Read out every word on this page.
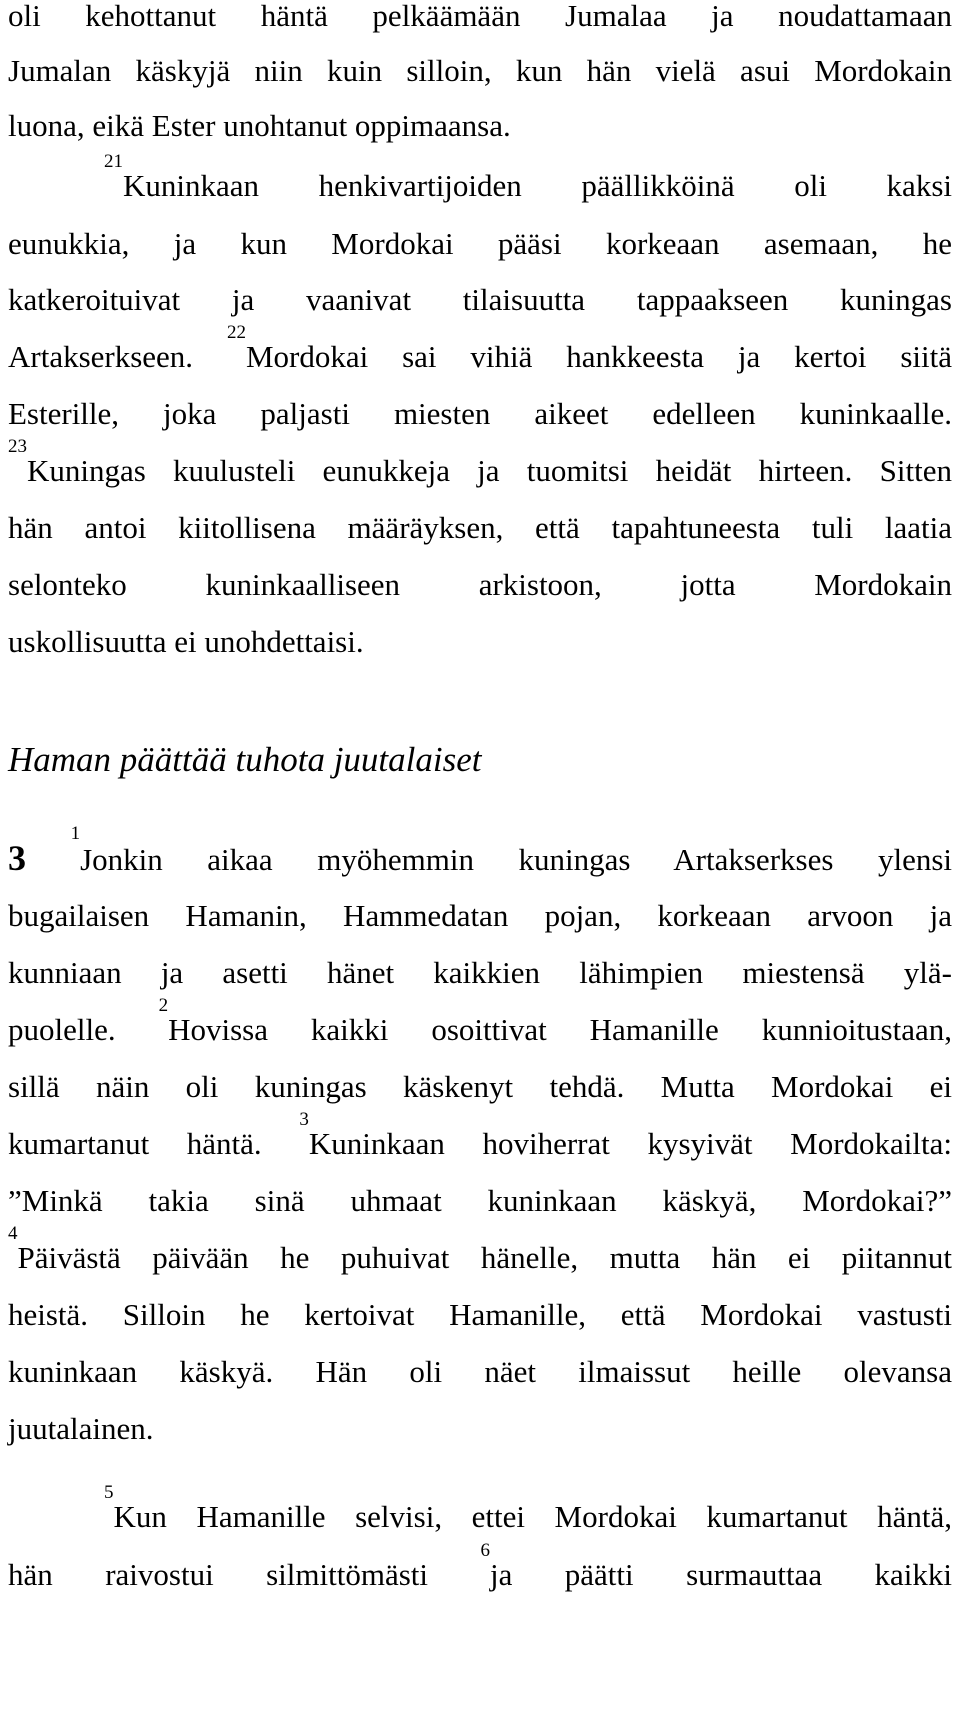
oli kehottanut häntä pelkäämään Jumalaa ja noudattamaan
Jumalan käskyjä niin kuin silloin, kun hän vielä asui Mordokain
luona, eikä Ester unohtanut oppimaansa.
$^{21}$Kuninkaan henkivartijoiden päällikköinä oli kaksi
eunukkia, ja kun Mordokai pääsi korkeaan asemaan, he
katkeroituivat ja vaanivat tilaisuutta tappaakseen kuningas
Artakserkseen. $^{22}$Mordokai sai vihiä hankkeesta ja kertoi siitä
Esterille, joka paljasti miesten aikeet edelleen kuninkaalle.
$^{23}$Kuningas kuulusteli eunukkeja ja tuomitsi heidät hirteen. Sitten
hän antoi kiitollisena määräyksen, että tapahtuneesta tuli laatia
selonteko kuninkaalliseen arkistoon, jotta Mordokain
uskollisuutta ei unohdettaisi.
Haman päättää tuhota juutalaiset
3 $^1$Jonkin aikaa myöhemmin kuningas Artakserkses ylensi
bugailaisen Hamanin, Hammedatan pojan, korkeaan arvoon ja
kunniaan ja asetti hänet kaikkien lähimpien miestensä ylä-
puolelle. $^2$Hovissa kaikki osoittivat Hamanille kunnioitustaan,
sillä näin oli kuningas käskenyt tehdä. Mutta Mordokai ei
kumartanut häntä. $^3$Kuninkaan hoviherrat kysyivät Mordokailta:
”Minkä takia sinä uhmaat kuninkaan käskyä, Mordokai?”
$^4$Päivästä päivään he puhuivat hänelle, mutta hän ei piitannut
heistä. Silloin he kertoivat Hamanille, että Mordokai vastusti
kuninkaan käskyä. Hän oli näet ilmaissut heille olevansa
juutalainen.
$^5$Kun Hamanille selvisi, ettei Mordokai kumartanut häntä,
hän raivostui silmittömästi $^6$ja päätti surmauttaa kaikki
